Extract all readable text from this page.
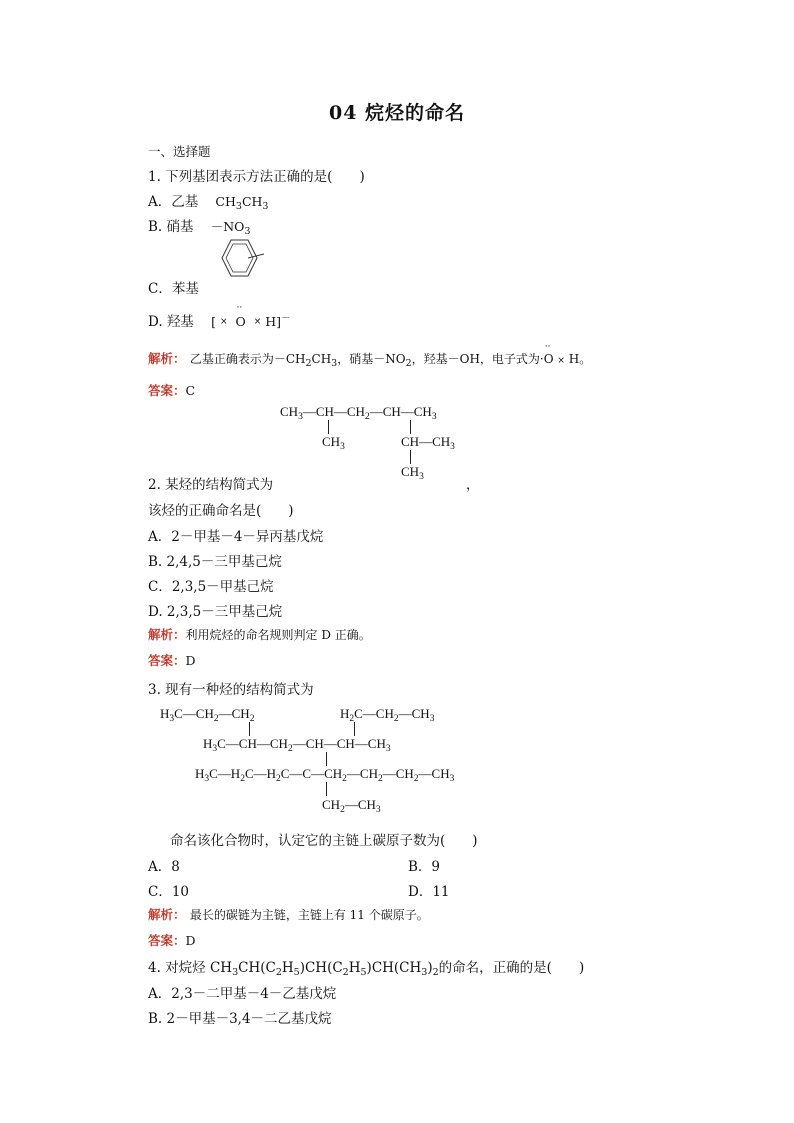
04 烷烃的命名
一、选择题
1. 下列基团表示方法正确的是(　　)
A．乙基 $CH_3CH_3$
B. 硝基 $-NO_3$
C．苯基
D. 羟基 [ ×
··
O × H]－
解析： 乙基正确表示为$-CH_2CH_3$，硝基$-NO_2$，羟基－OH，电子式为·
··
O × H。
答案：C
$CH_3—CH—CH_2—CH—CH_3$
$CH_3$	$CH—CH_3$
$CH_3$
2. 某烃的结构简式为	，
该烃的正确命名是(　　)
A．2－甲基－4－异丙基戊烷
B. 2,4,5－三甲基己烷
C．2,3,5－甲基己烷
D. 2,3,5－三甲基己烷
解析：利用烷烃的命名规则判定 D 正确。
答案：D
3. 现有一种烃的结构简式为
$H_3C—CH_2—CH_2$	$H_2C—CH_2—CH_3$
$H_3C—CH—CH_2—CH—CH—CH_3$
$H_3C—H_2C—H_2C—C—CH_2—CH_2—CH_2—CH_3$
$CH_2—CH_3$
命名该化合物时，认定它的主链上碳原子数为(　　)
A．8	B．9
C．10	D．11
解析： 最长的碳链为主链，主链上有 11 个碳原子。
答案：D
4. 对烷烃 $CH_3CH(C_2H_5)CH(C_2H_5)CH(CH_3)_2$的命名，正确的是(　　)
A．2,3－二甲基－4－乙基戊烷
B. 2－甲基－3,4－二乙基戊烷
